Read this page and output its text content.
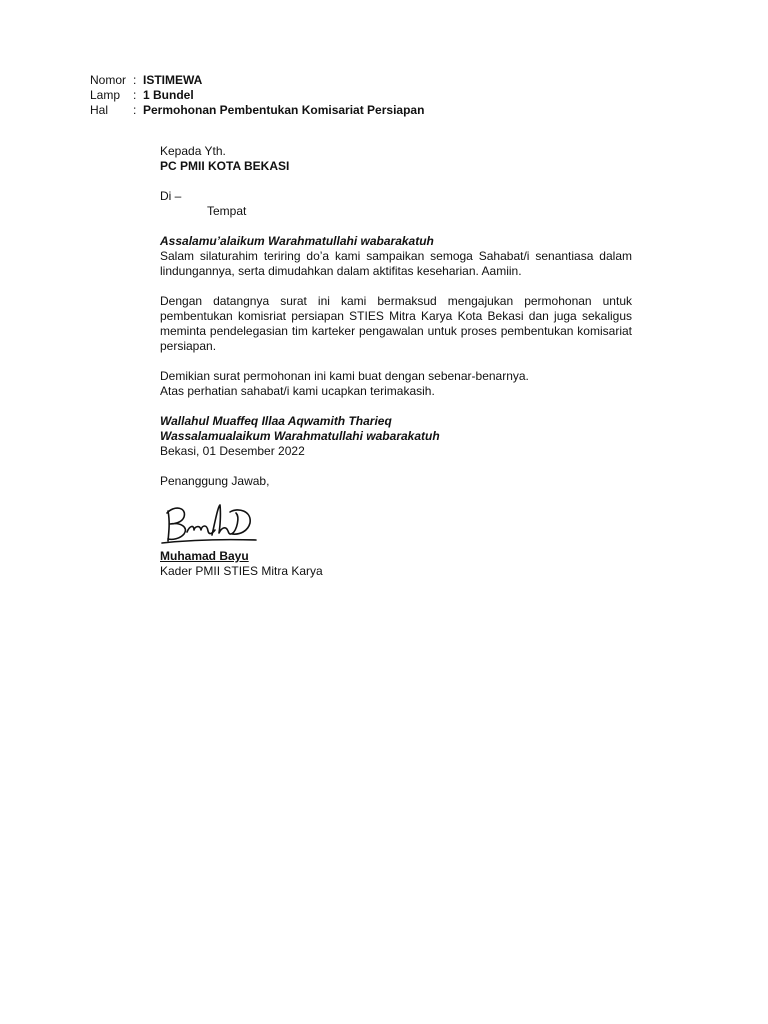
Nomor : ISTIMEWA
Lamp	: 1 Bundel
Hal	: Permohonan Pembentukan Komisariat Persiapan
Kepada Yth.
PC PMII KOTA BEKASI
Di –
Tempat
Assalamu’alaikum Warahmatullahi wabarakatuh

Salam silaturahim teriring do’a kami sampaikan semoga Sahabat/i senantiasa dalam lindungannya, serta dimudahkan dalam aktifitas keseharian. Aamiin.

Dengan datangnya surat ini kami bermaksud mengajukan permohonan untuk pembentukan komisriat persiapan STIES Mitra Karya Kota Bekasi dan juga sekaligus meminta pendelegasian tim karteker pengawalan untuk proses pembentukan komisariat persiapan.

Demikian surat permohonan ini kami buat dengan sebenar-benarnya.
Atas perhatian sahabat/i kami ucapkan terimakasih.
Wallahul Muaffeq Illaa Aqwamith Tharieq
Wassalamualaikum Warahmatullahi wabarakatuh
Bekasi, 01 Desember 2022
Penanggung Jawab,
Muhamad Bayu
Kader PMII STIES Mitra Karya
